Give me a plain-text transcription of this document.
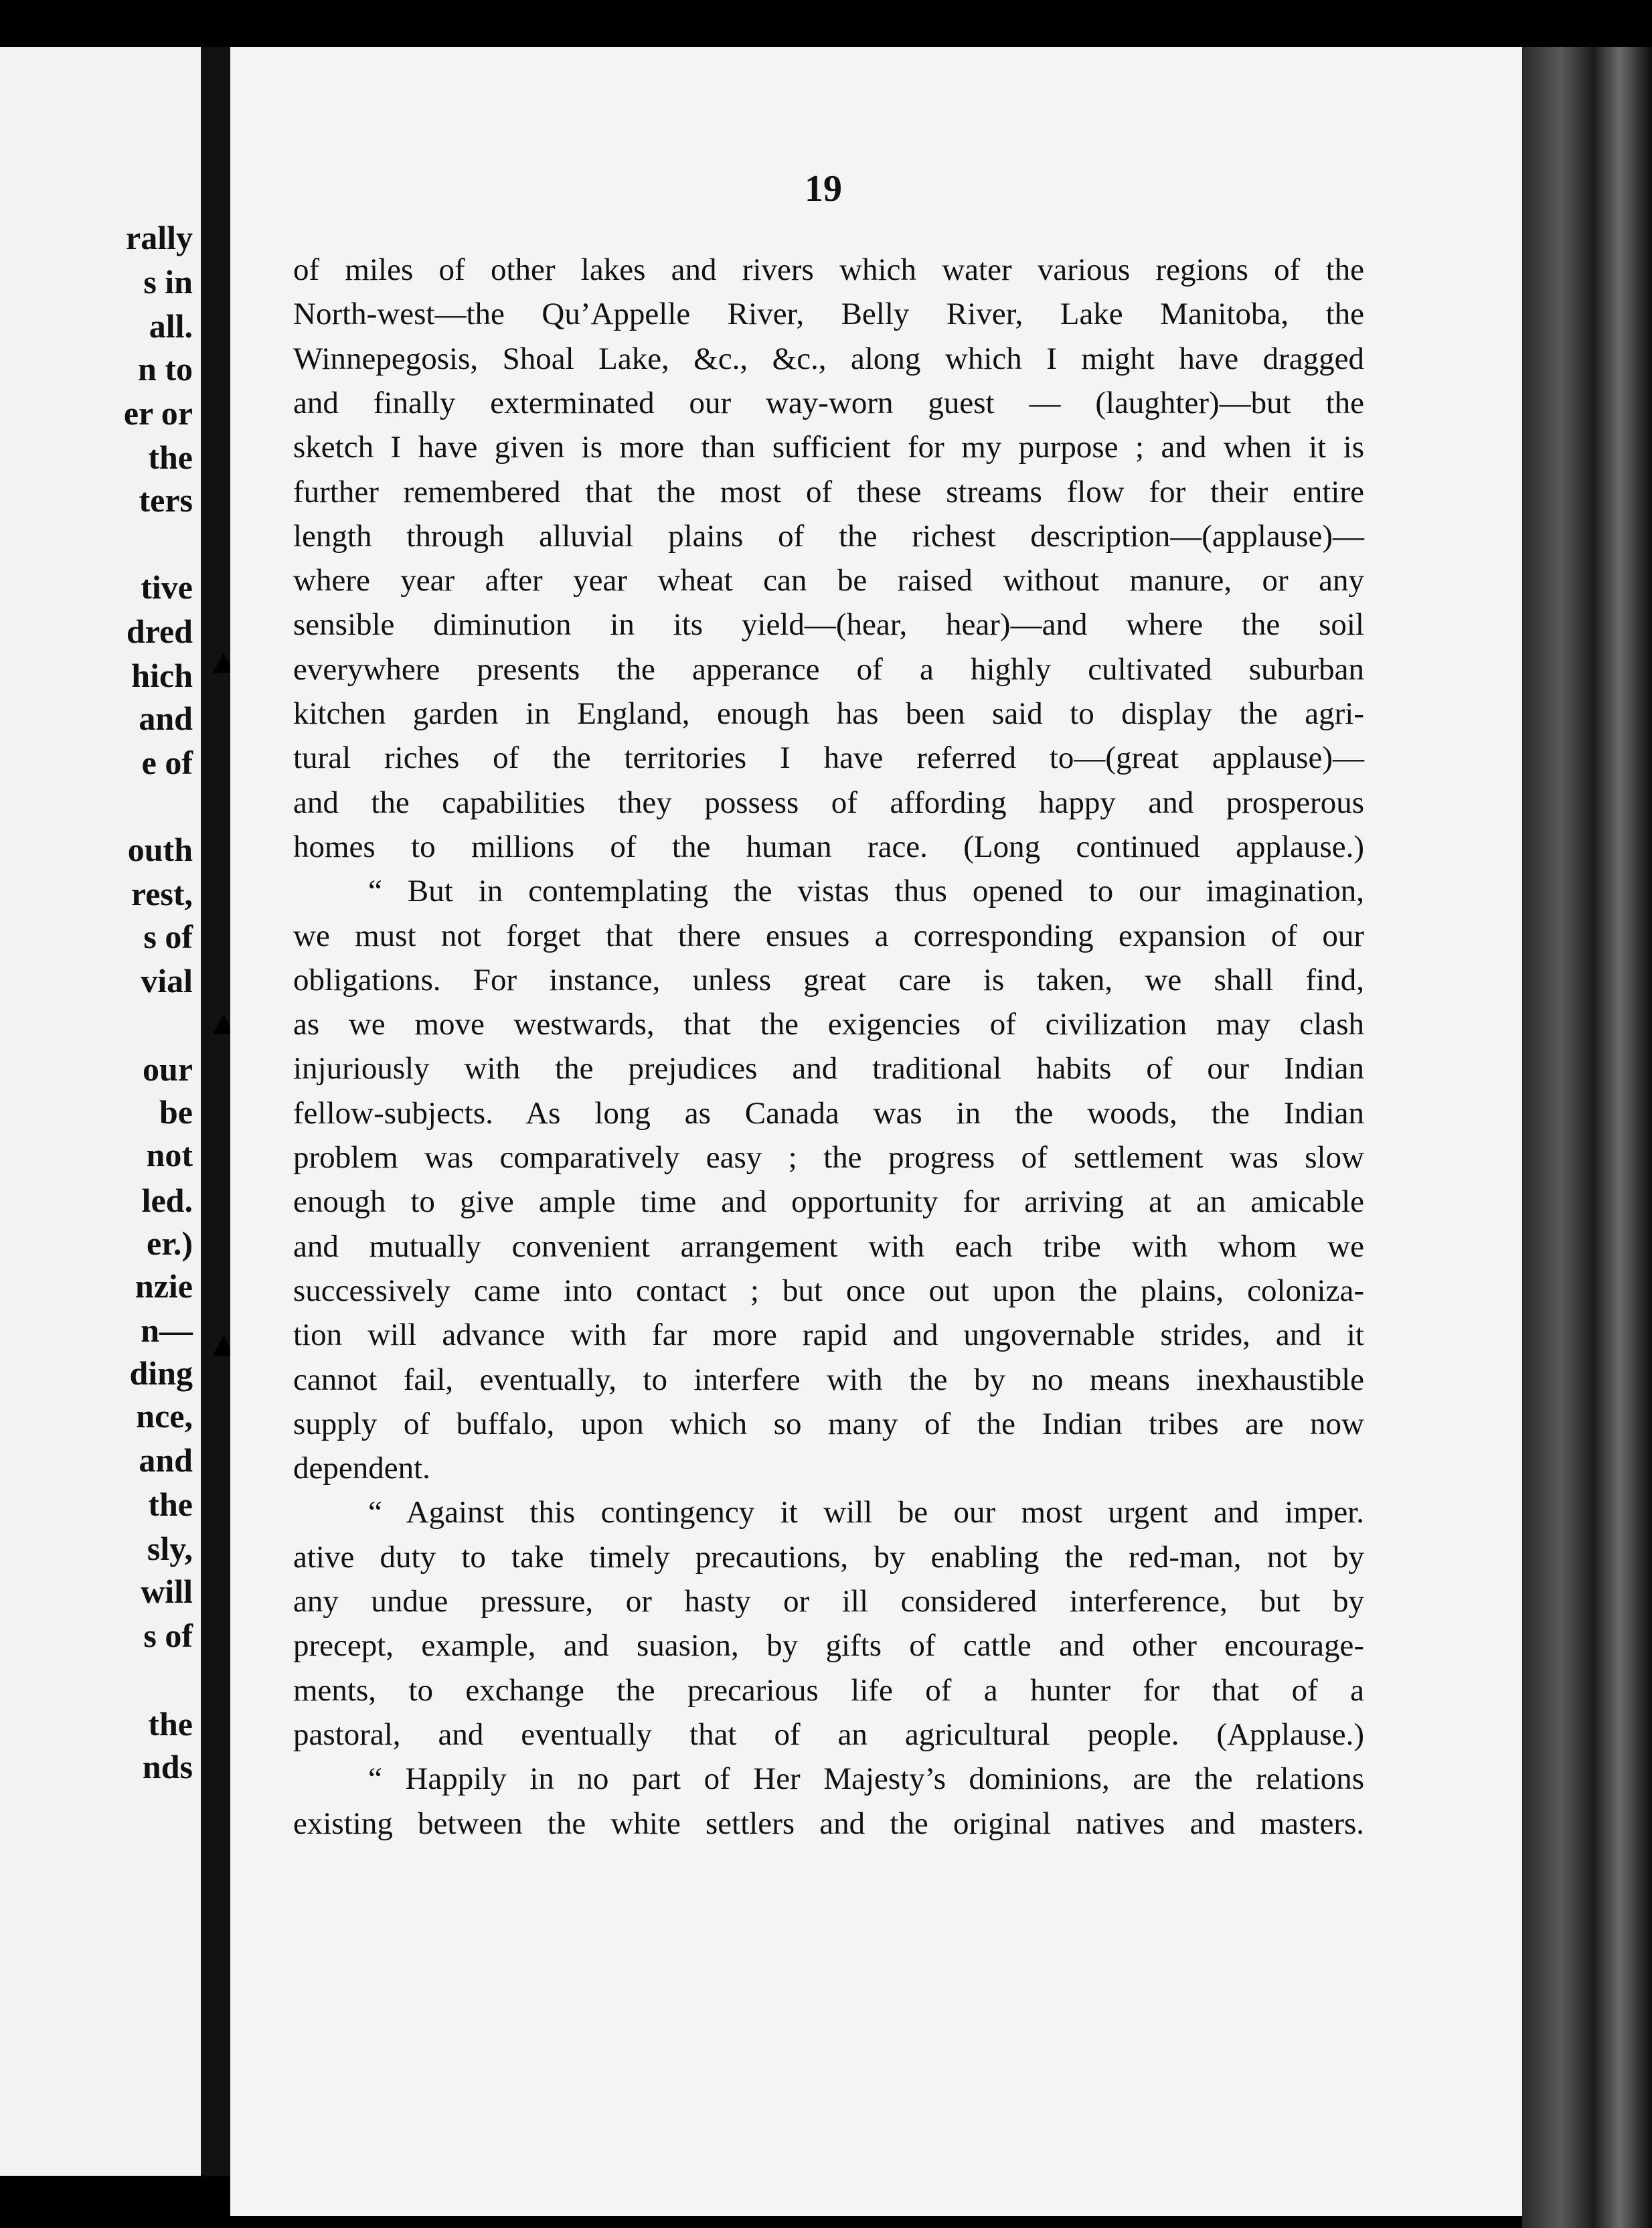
rally
s in
all.
n to
er or
the
ters
tive
dred
hich
and
e of
outh
rest,
s of
vial
our
be
not
led.
er.)
nzie
n—
ding
nce,
and
the
sly,
will
s of
the
nds

19

of miles of other lakes and rivers which water various regions of the
North-west—the Qu’Appelle River, Belly River, Lake Manitoba, the
Winnepegosis, Shoal Lake, &c., &c., along which I might have dragged
and finally exterminated our way-worn guest — (laughter)—but the
sketch I have given is more than sufficient for my purpose ; and when it is
further remembered that the most of these streams flow for their entire
length through alluvial plains of the richest description—(applause)—
where year after year wheat can be raised without manure, or any
sensible diminution in its yield—(hear, hear)—and where the soil
everywhere presents the apperance of a highly cultivated suburban
kitchen garden in England, enough has been said to display the agri-
tural riches of the territories I have referred to—(great applause)—
and the capabilities they possess of affording happy and prosperous
homes to millions of the human race. (Long continued applause.)
“ But in contemplating the vistas thus opened to our imagination,
we must not forget that there ensues a corresponding expansion of our
obligations. For instance, unless great care is taken, we shall find,
as we move westwards, that the exigencies of civilization may clash
injuriously with the prejudices and traditional habits of our Indian
fellow-subjects. As long as Canada was in the woods, the Indian
problem was comparatively easy ; the progress of settlement was slow
enough to give ample time and opportunity for arriving at an amicable
and mutually convenient arrangement with each tribe with whom we
successively came into contact ; but once out upon the plains, coloniza-
tion will advance with far more rapid and ungovernable strides, and it
cannot fail, eventually, to interfere with the by no means inexhaustible
supply of buffalo, upon which so many of the Indian tribes are now
dependent.
“ Against this contingency it will be our most urgent and imper.
ative duty to take timely precautions, by enabling the red-man, not by
any undue pressure, or hasty or ill considered interference, but by
precept, example, and suasion, by gifts of cattle and other encourage-
ments, to exchange the precarious life of a hunter for that of a
pastoral, and eventually that of an agricultural people. (Applause.)
“ Happily in no part of Her Majesty’s dominions, are the relations
existing between the white settlers and the original natives and masters.
